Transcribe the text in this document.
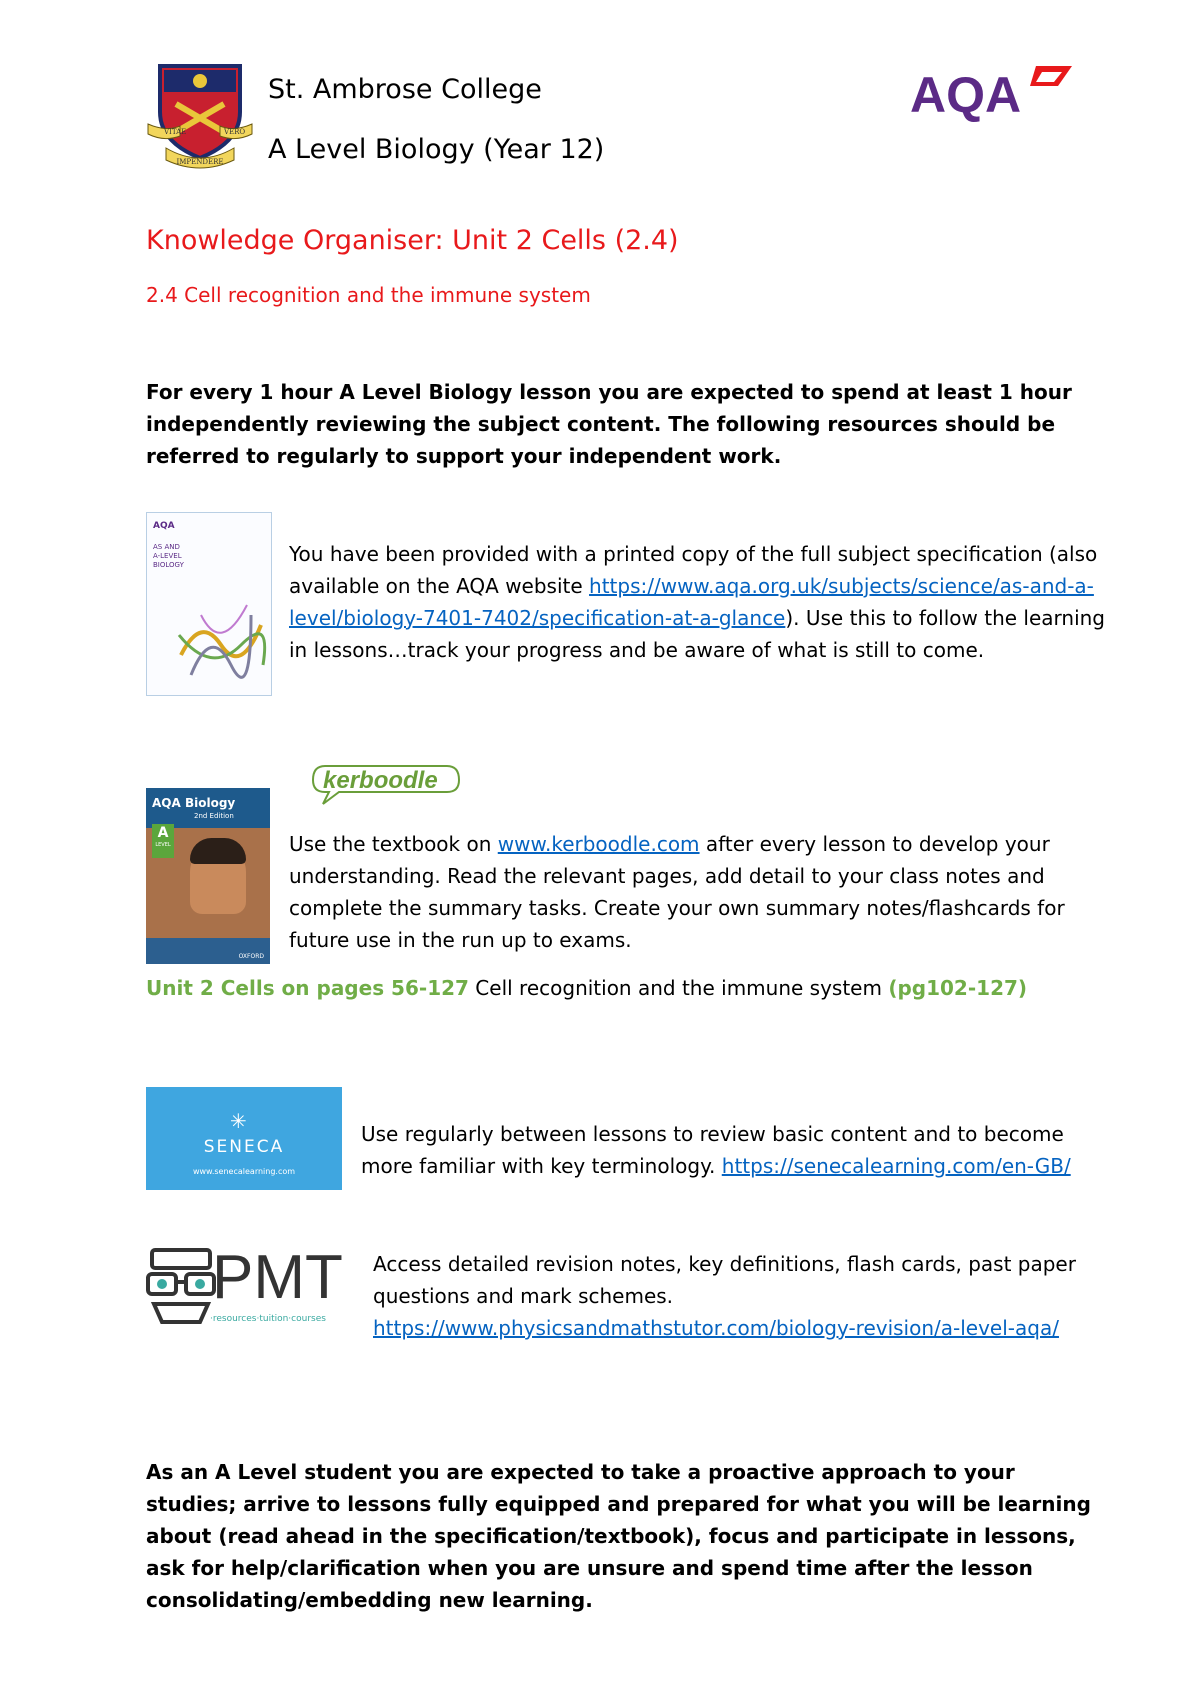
VITAE	VERO
IMPENDERE
St. Ambrose College
A Level Biology (Year 12)
AQA
Knowledge Organiser: Unit 2 Cells (2.4)
2.4 Cell recognition and the immune system
For every 1 hour A Level Biology lesson you are expected to spend at least 1 hour independently reviewing the subject content. The following resources should be referred to regularly to support your independent work.
AQA
AS AND
A-LEVEL
BIOLOGY	You have been provided with a printed copy of the full subject specification (also available on the AQA website https://www.aqa.org.uk/subjects/science/as-and-a-level/biology-7401-7402/specification-at-a-glance). Use this to follow the learning in lessons…track your progress and be aware of what is still to come.
kerboodle
AQA Biology
2nd Edition
A
LEVEL
OXFORD
Use the textbook on www.kerboodle.com after every lesson to develop your understanding. Read the relevant pages, add detail to your class notes and complete the summary tasks. Create your own summary notes/flashcards for future use in the run up to exams.
Unit 2 Cells on pages 56-127 Cell recognition and the immune system (pg102-127)
✳
SENECA
www.senecalearning.com
Use regularly between lessons to review basic content and to become more familiar with key terminology. https://senecalearning.com/en-GB/
PMT
·resources·tuition·courses
Access detailed revision notes, key definitions, flash cards, past paper questions and mark schemes.
https://www.physicsandmathstutor.com/biology-revision/a-level-aqa/
As an A Level student you are expected to take a proactive approach to your studies; arrive to lessons fully equipped and prepared for what you will be learning about (read ahead in the specification/textbook), focus and participate in lessons, ask for help/clarification when you are unsure and spend time after the lesson consolidating/embedding new learning.
